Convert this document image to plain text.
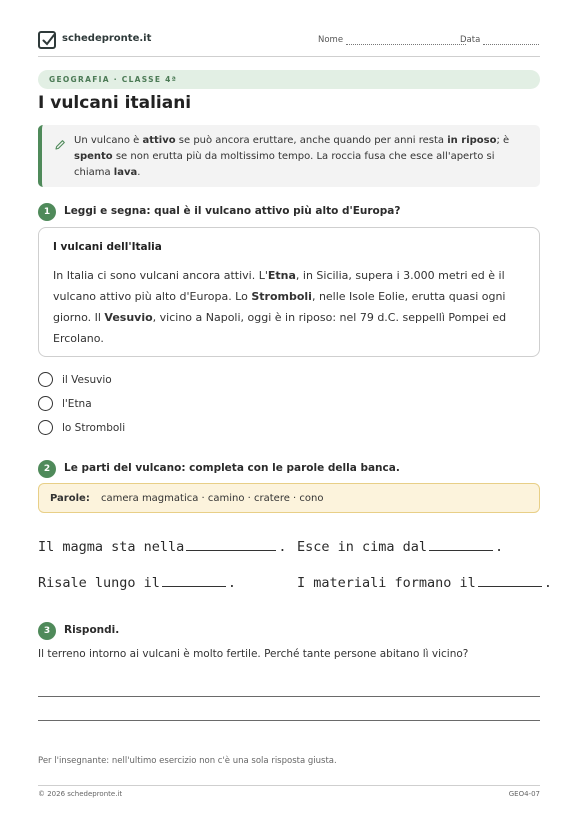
schedepronte.it	Nome	Data
GEOGRAFIA · CLASSE 4ª
I vulcani italiani

Un vulcano è attivo se può ancora eruttare, anche quando per anni resta in riposo; è spento se non erutta più da moltissimo tempo. La roccia fusa che esce all'aperto si chiama lava.

1	Leggi e segna: qual è il vulcano attivo più alto d'Europa?
I vulcani dell'Italia

In Italia ci sono vulcani ancora attivi. L'Etna, in Sicilia, supera i 3.000 metri ed è il vulcano attivo più alto d'Europa. Lo Stromboli, nelle Isole Eolie, erutta quasi ogni giorno. Il Vesuvio, vicino a Napoli, oggi è in riposo: nel 79 d.C. seppellì Pompei ed Ercolano.

il Vesuvio
l'Etna
lo Stromboli
2	Le parti del vulcano: completa con le parole della banca.
Parole: camera magmatica · camino · cratere · cono
Il magma sta nella	. Esce in cima dal	.
Risale lungo il	.	I materiali formano il	.
3	Rispondi.
Il terreno intorno ai vulcani è molto fertile. Perché tante persone abitano lì vicino?
Per l'insegnante: nell'ultimo esercizio non c'è una sola risposta giusta.
© 2026 schedepronte.it	GEO4-07
